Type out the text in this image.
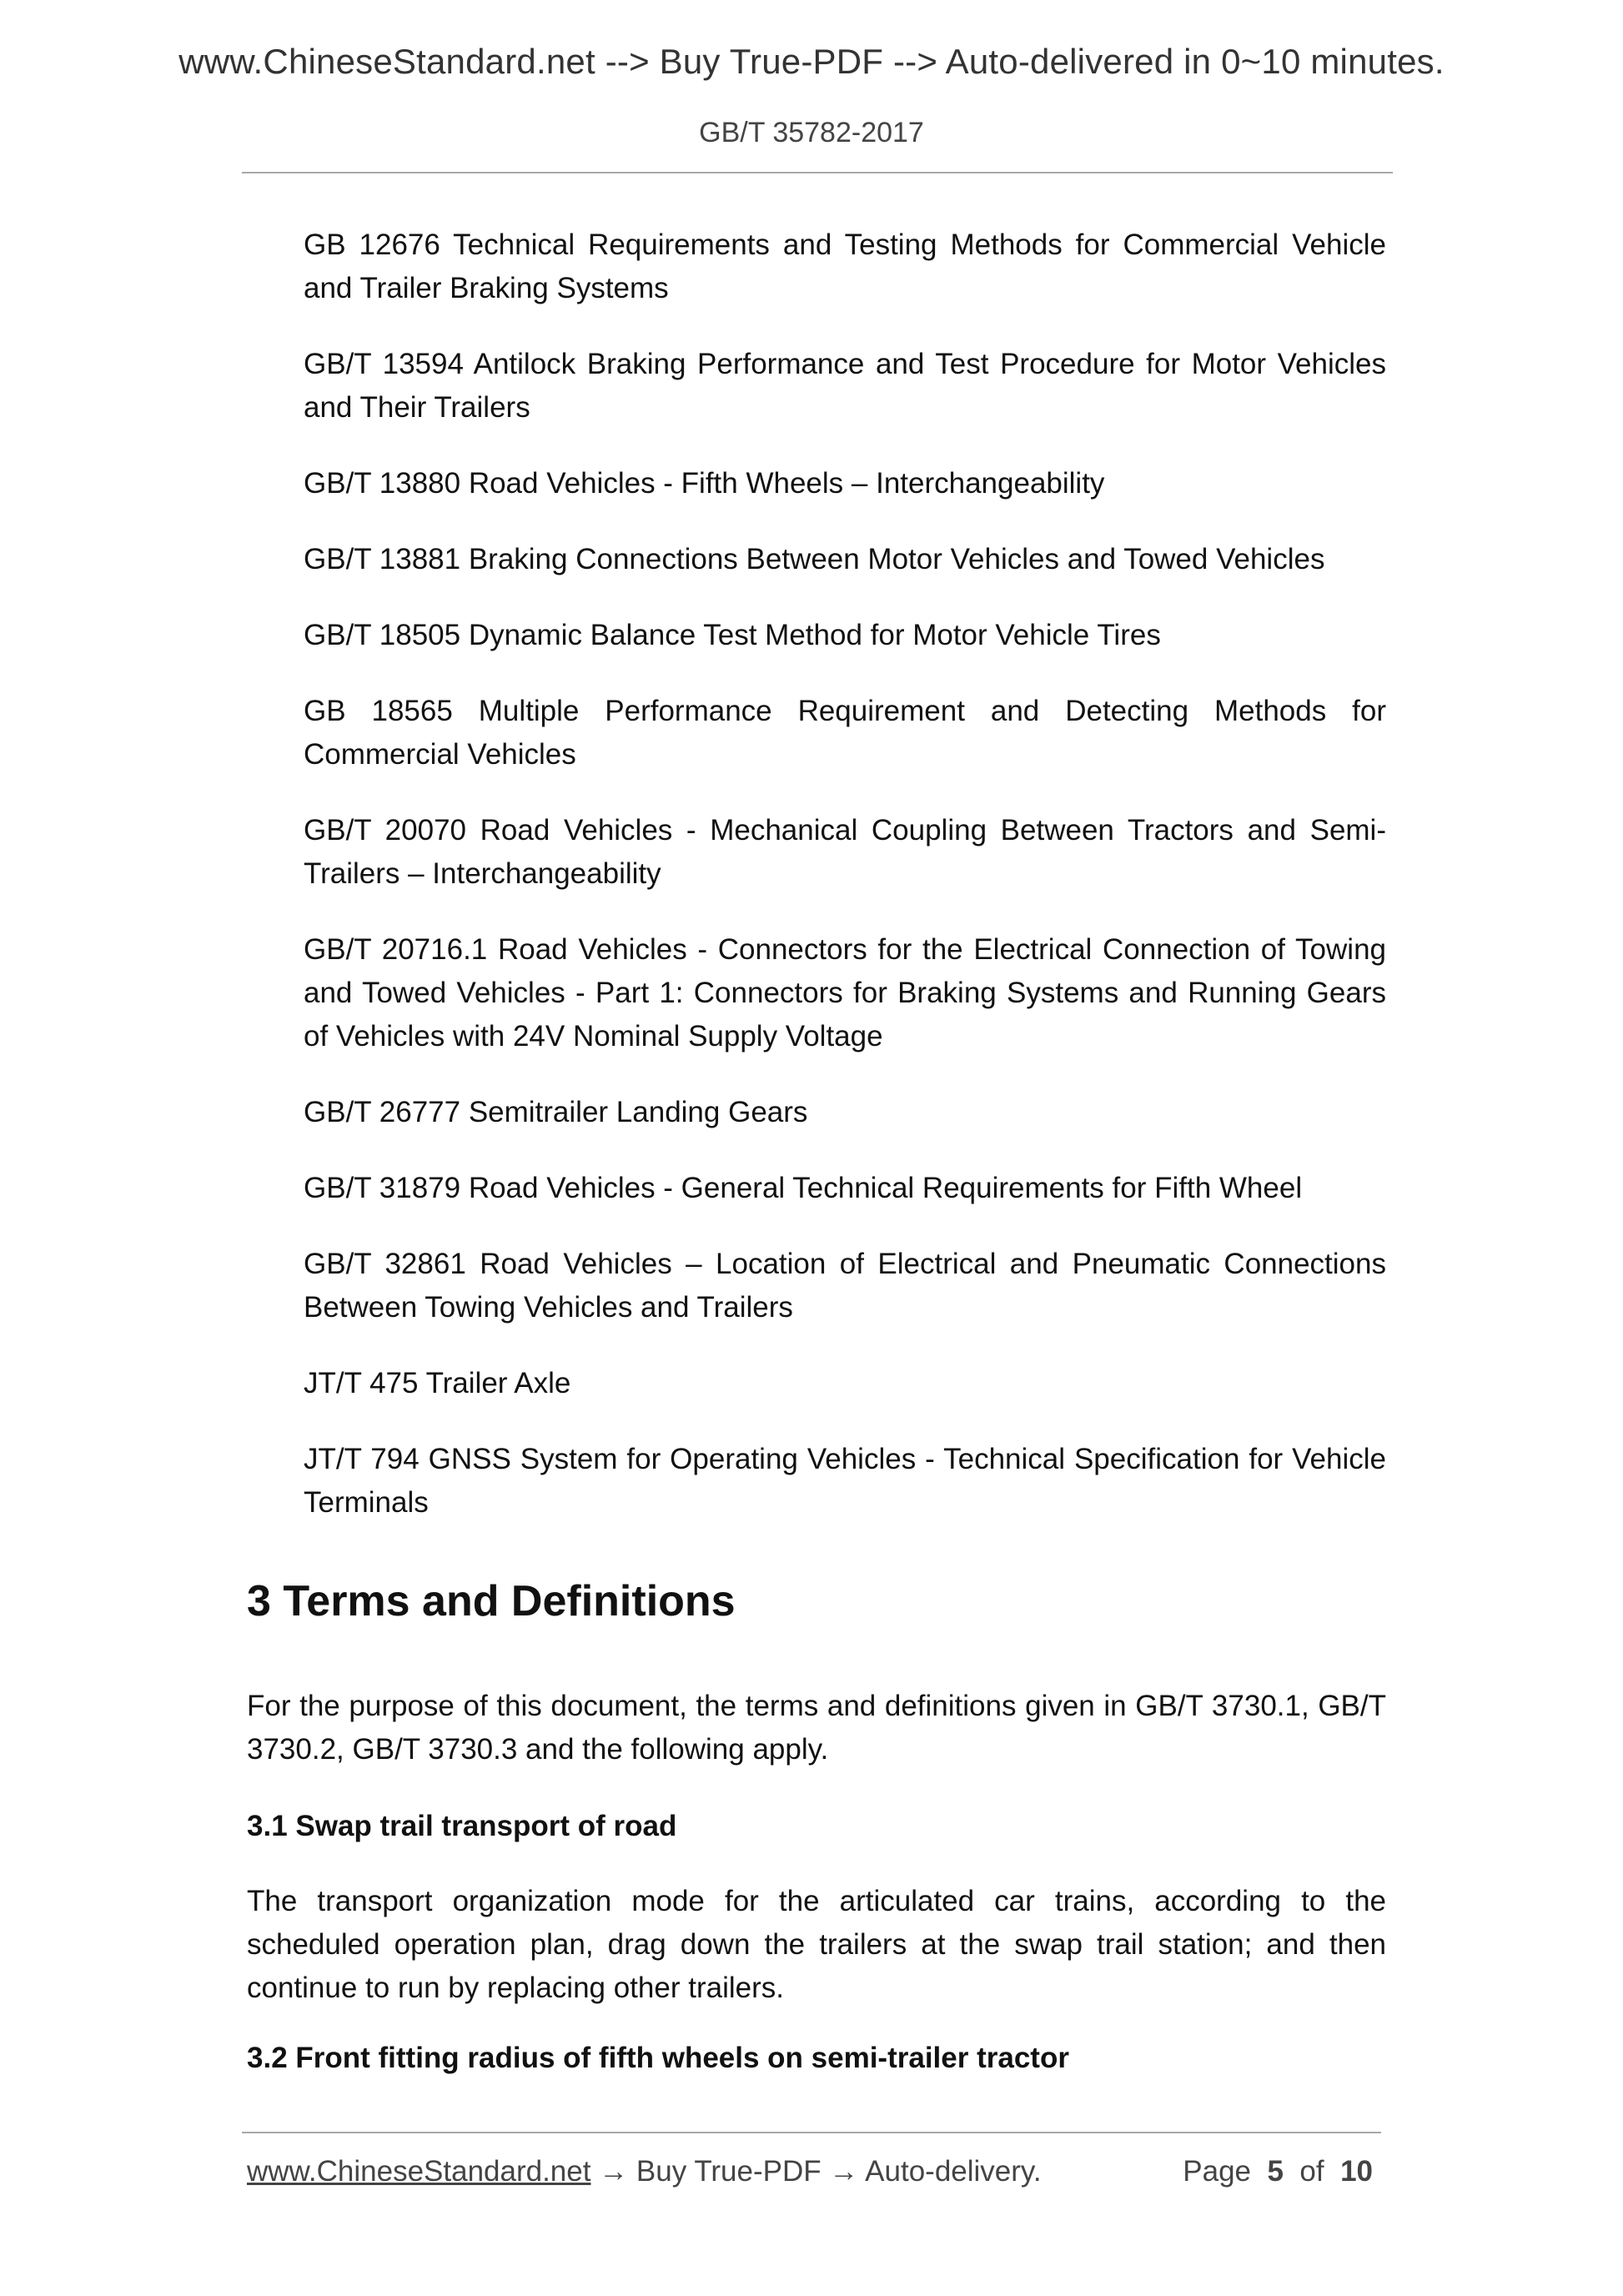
www.ChineseStandard.net --> Buy True-PDF --> Auto-delivered in 0~10 minutes.
GB/T 35782-2017
GB 12676 Technical Requirements and Testing Methods for Commercial Vehicle and Trailer Braking Systems
GB/T 13594 Antilock Braking Performance and Test Procedure for Motor Vehicles and Their Trailers
GB/T 13880 Road Vehicles - Fifth Wheels – Interchangeability
GB/T 13881 Braking Connections Between Motor Vehicles and Towed Vehicles
GB/T 18505 Dynamic Balance Test Method for Motor Vehicle Tires
GB 18565 Multiple Performance Requirement and Detecting Methods for Commercial Vehicles
GB/T 20070 Road Vehicles - Mechanical Coupling Between Tractors and Semi-Trailers – Interchangeability
GB/T 20716.1 Road Vehicles - Connectors for the Electrical Connection of Towing and Towed Vehicles - Part 1: Connectors for Braking Systems and Running Gears of Vehicles with 24V Nominal Supply Voltage
GB/T 26777 Semitrailer Landing Gears
GB/T 31879 Road Vehicles - General Technical Requirements for Fifth Wheel
GB/T 32861 Road Vehicles – Location of Electrical and Pneumatic Connections Between Towing Vehicles and Trailers
JT/T 475 Trailer Axle
JT/T 794 GNSS System for Operating Vehicles - Technical Specification for Vehicle Terminals
3 Terms and Definitions

For the purpose of this document, the terms and definitions given in GB/T 3730.1, GB/T 3730.2, GB/T 3730.3 and the following apply.

3.1 Swap trail transport of road

The transport organization mode for the articulated car trains, according to the scheduled operation plan, drag down the trailers at the swap trail station; and then continue to run by replacing other trailers.

3.2 Front fitting radius of fifth wheels on semi-trailer tractor

www.ChineseStandard.net → Buy True-PDF → Auto-delivery.	Page 5 of 10
